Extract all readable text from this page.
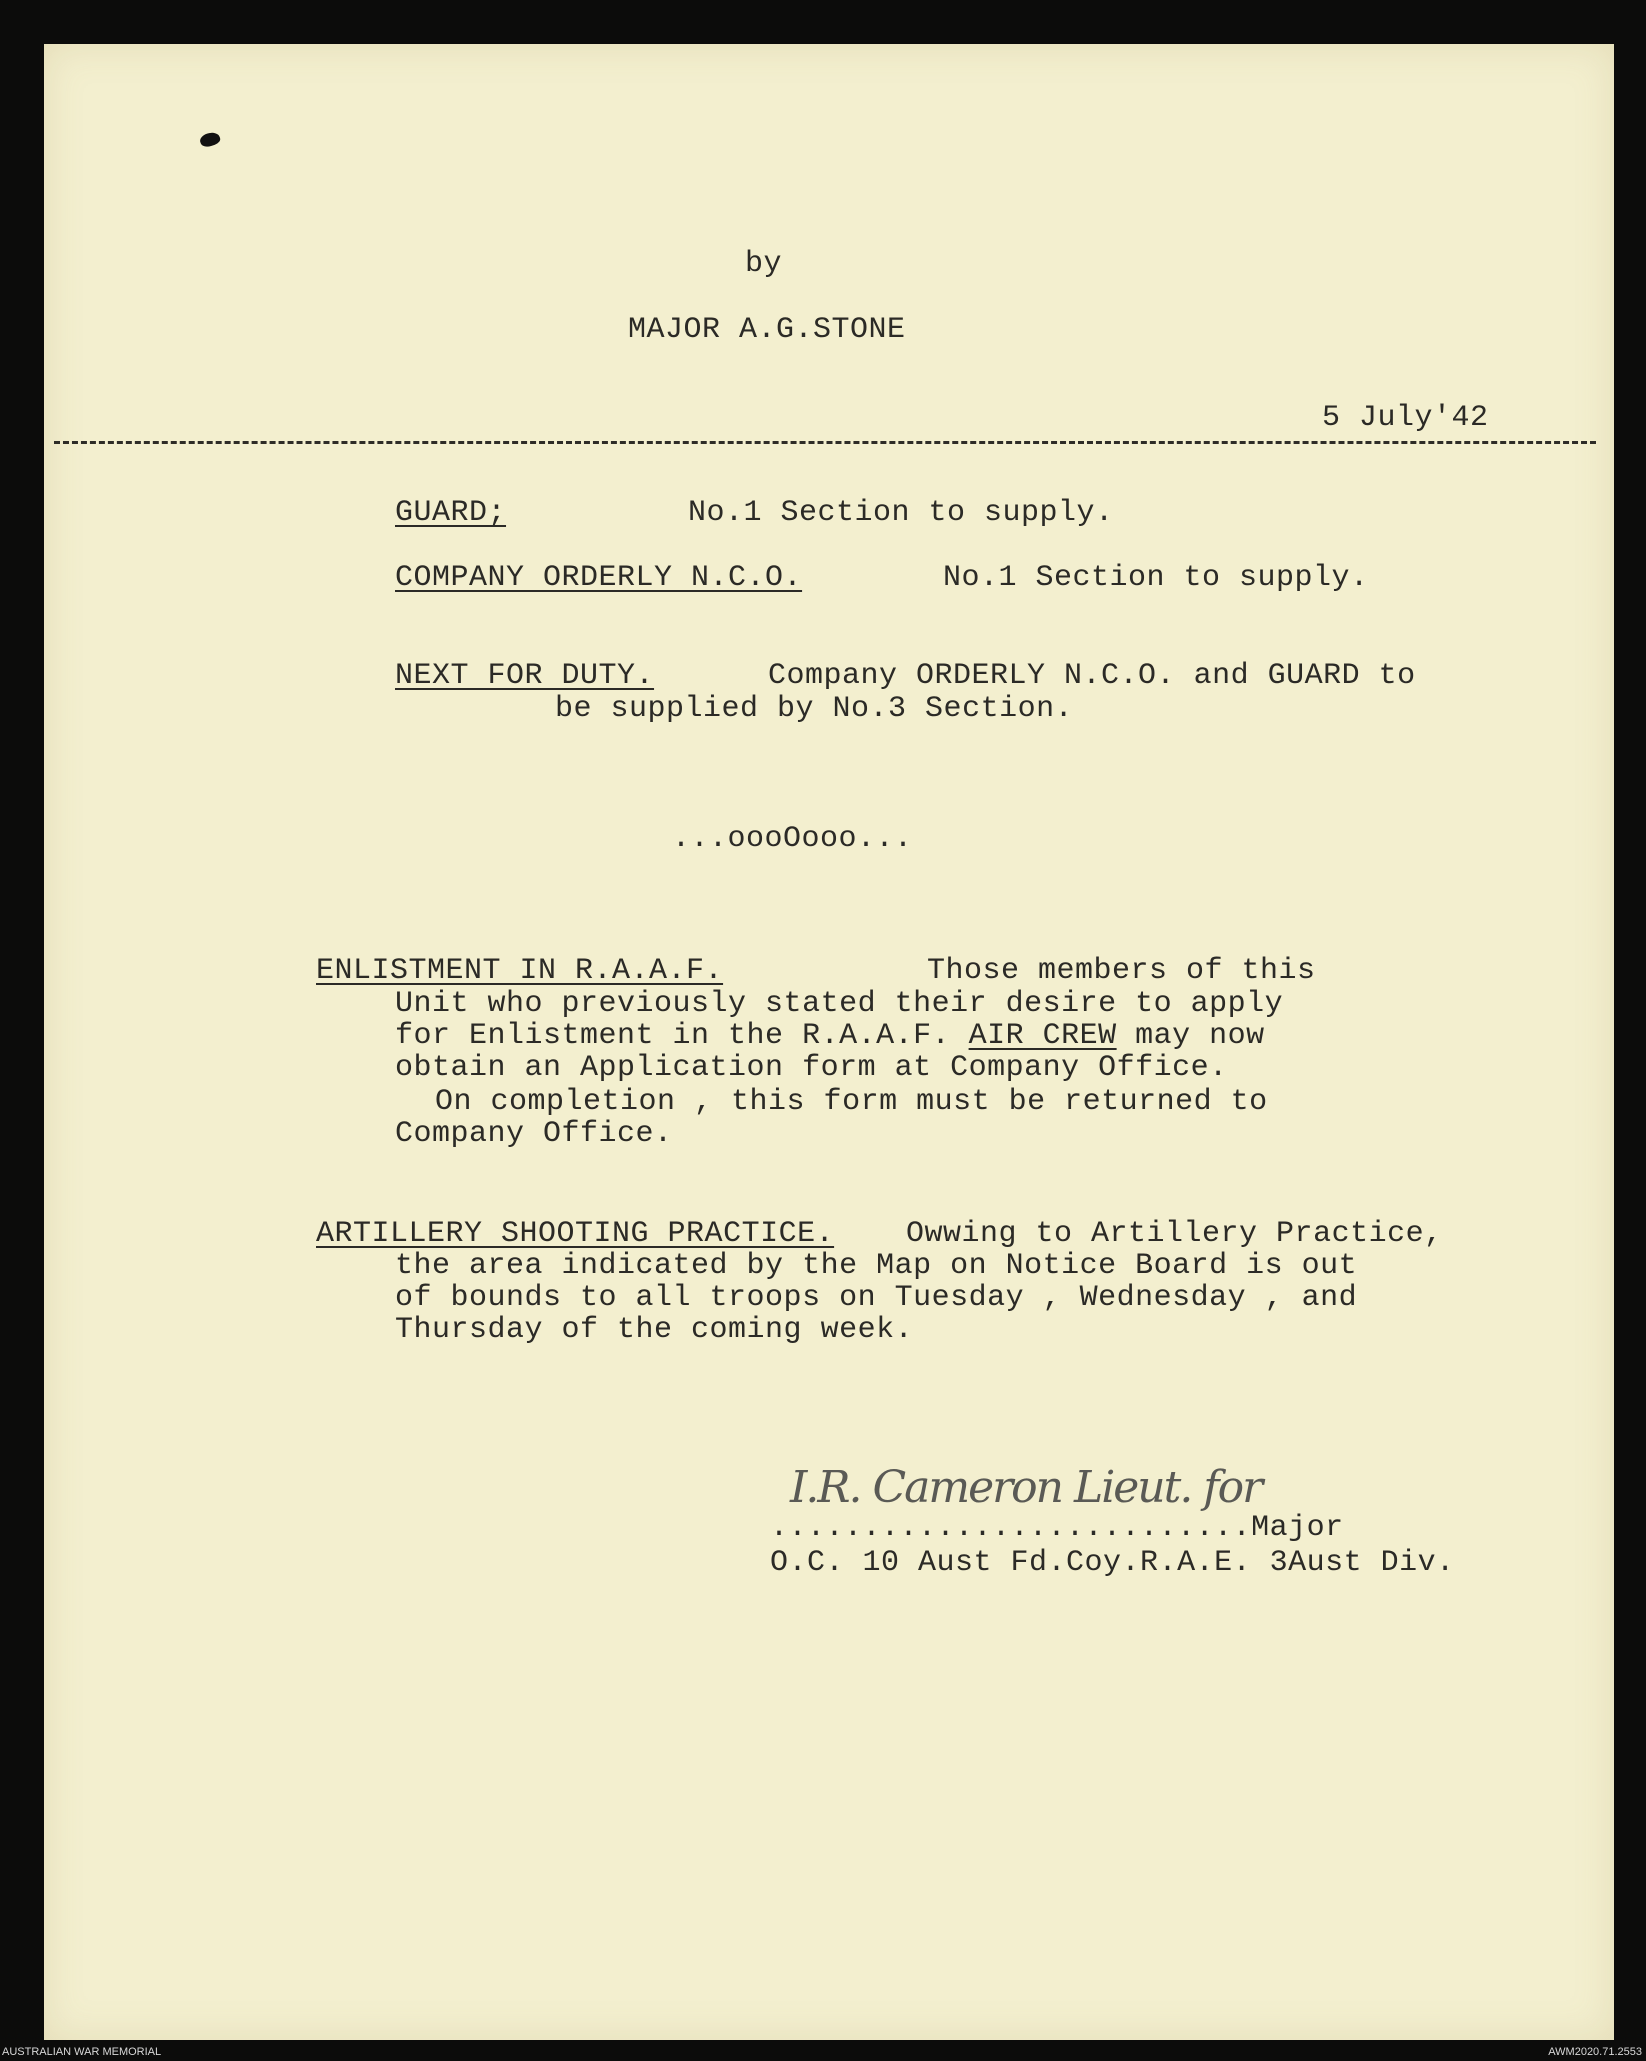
by
MAJOR A.G.STONE
5 July'42
GUARD;	No.1 Section to supply.
COMPANY ORDERLY N.C.O.	No.1 Section to supply.
NEXT FOR DUTY.	Company ORDERLY N.C.O. and GUARD to
be supplied by No.3 Section.
...oooOooo...
ENLISTMENT IN R.A.A.F.	Those members of this
Unit who previously stated their desire to apply
for Enlistment in the R.A.A.F. AIR CREW may now
obtain an Application form at Company Office.
On completion , this form must be returned to
Company Office.
ARTILLERY SHOOTING PRACTICE. Owwing to Artillery Practice,
the area indicated by the Map on Notice Board is out
of bounds to all troops on Tuesday , Wednesday , and
Thursday of the coming week.
I.R. Cameron Lieut. for
..........................Major
O.C. 10 Aust Fd.Coy.R.A.E. 3Aust Div.
AUSTRALIAN WAR MEMORIAL	AWM2020.71.2553
